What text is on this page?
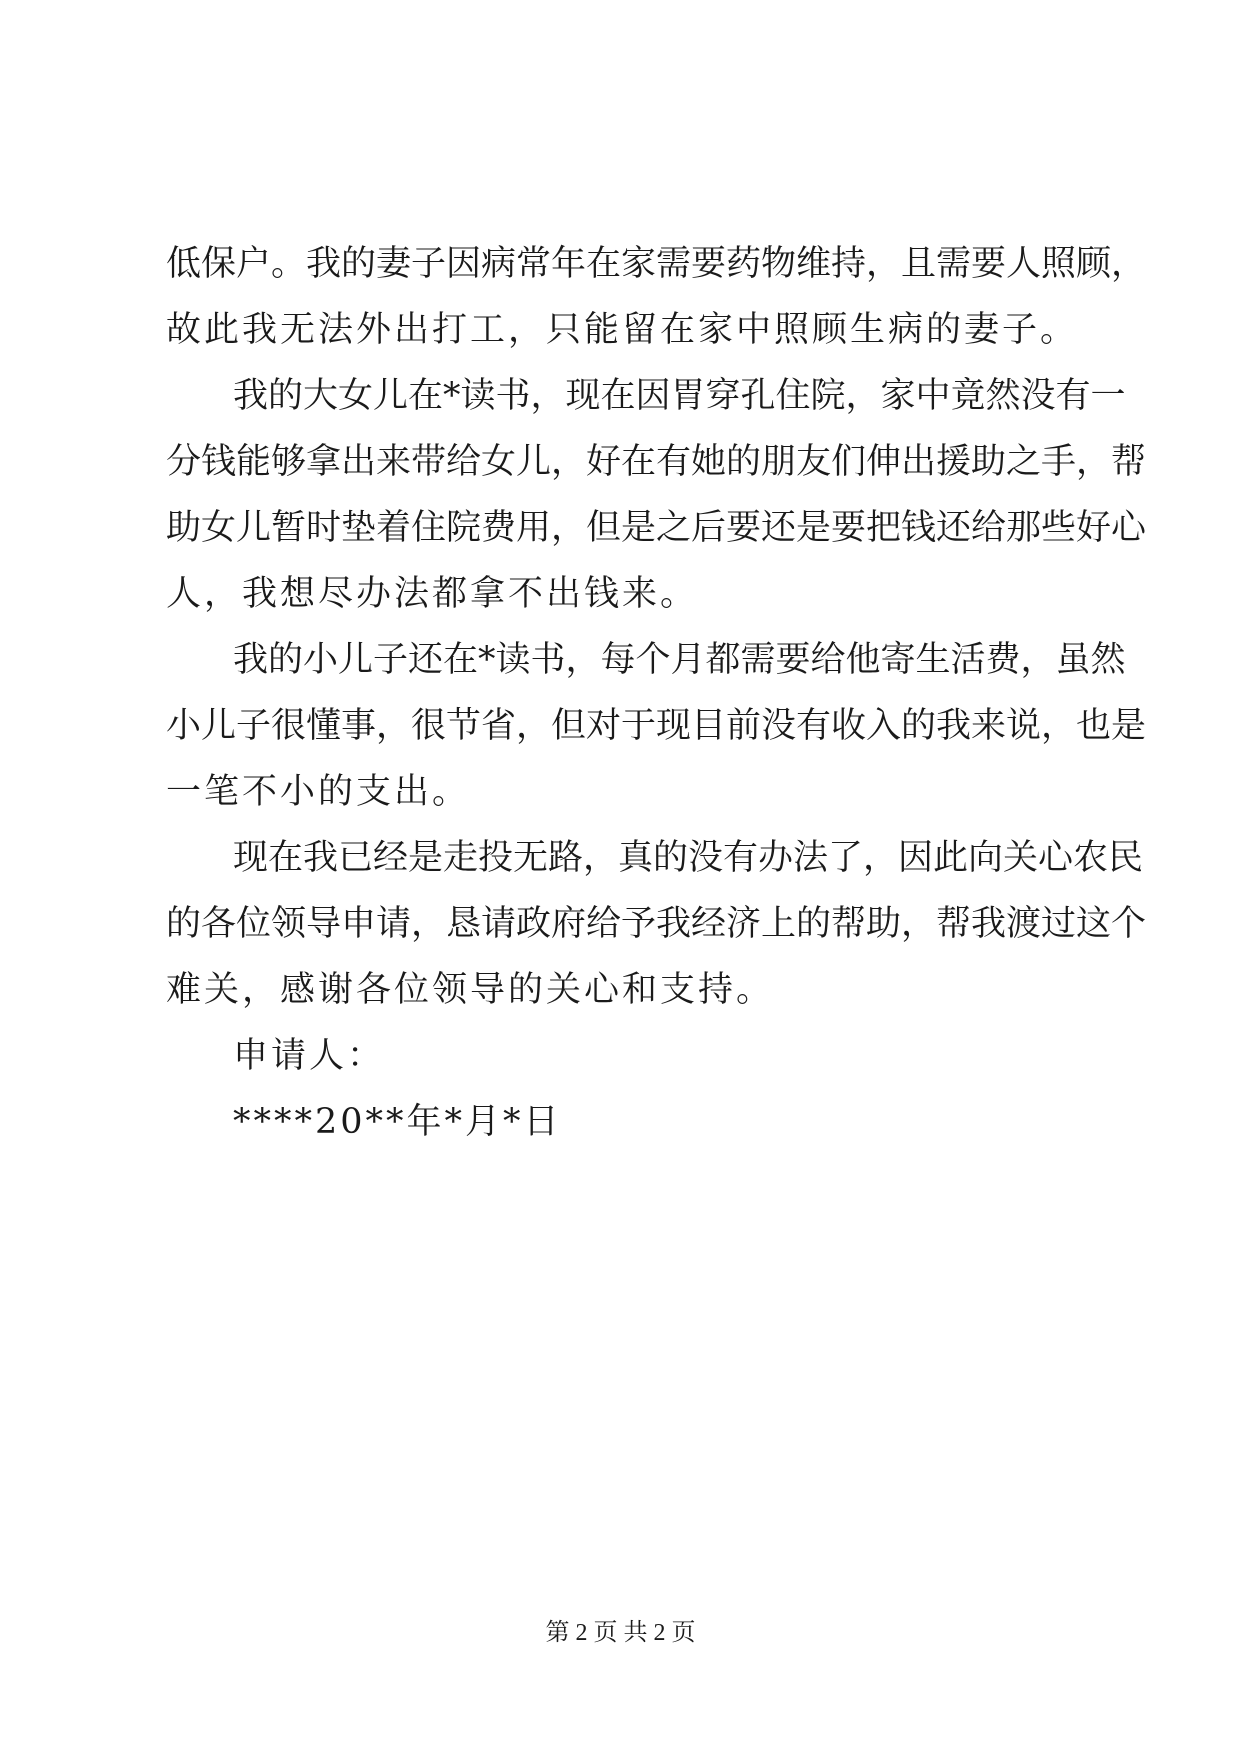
低保户。我的妻子因病常年在家需要药物维持，且需要人照顾，
故此我无法外出打工，只能留在家中照顾生病的妻子。
我的大女儿在*读书，现在因胃穿孔住院，家中竟然没有一
分钱能够拿出来带给女儿，好在有她的朋友们伸出援助之手，帮
助女儿暂时垫着住院费用，但是之后要还是要把钱还给那些好心
人，我想尽办法都拿不出钱来。
我的小儿子还在*读书，每个月都需要给他寄生活费，虽然
小儿子很懂事，很节省，但对于现目前没有收入的我来说，也是
一笔不小的支出。
现在我已经是走投无路，真的没有办法了，因此向关心农民
的各位领导申请，恳请政府给予我经济上的帮助，帮我渡过这个
难关，感谢各位领导的关心和支持。
申请人：
****20**年*月*日
第 2 页 共 2 页
